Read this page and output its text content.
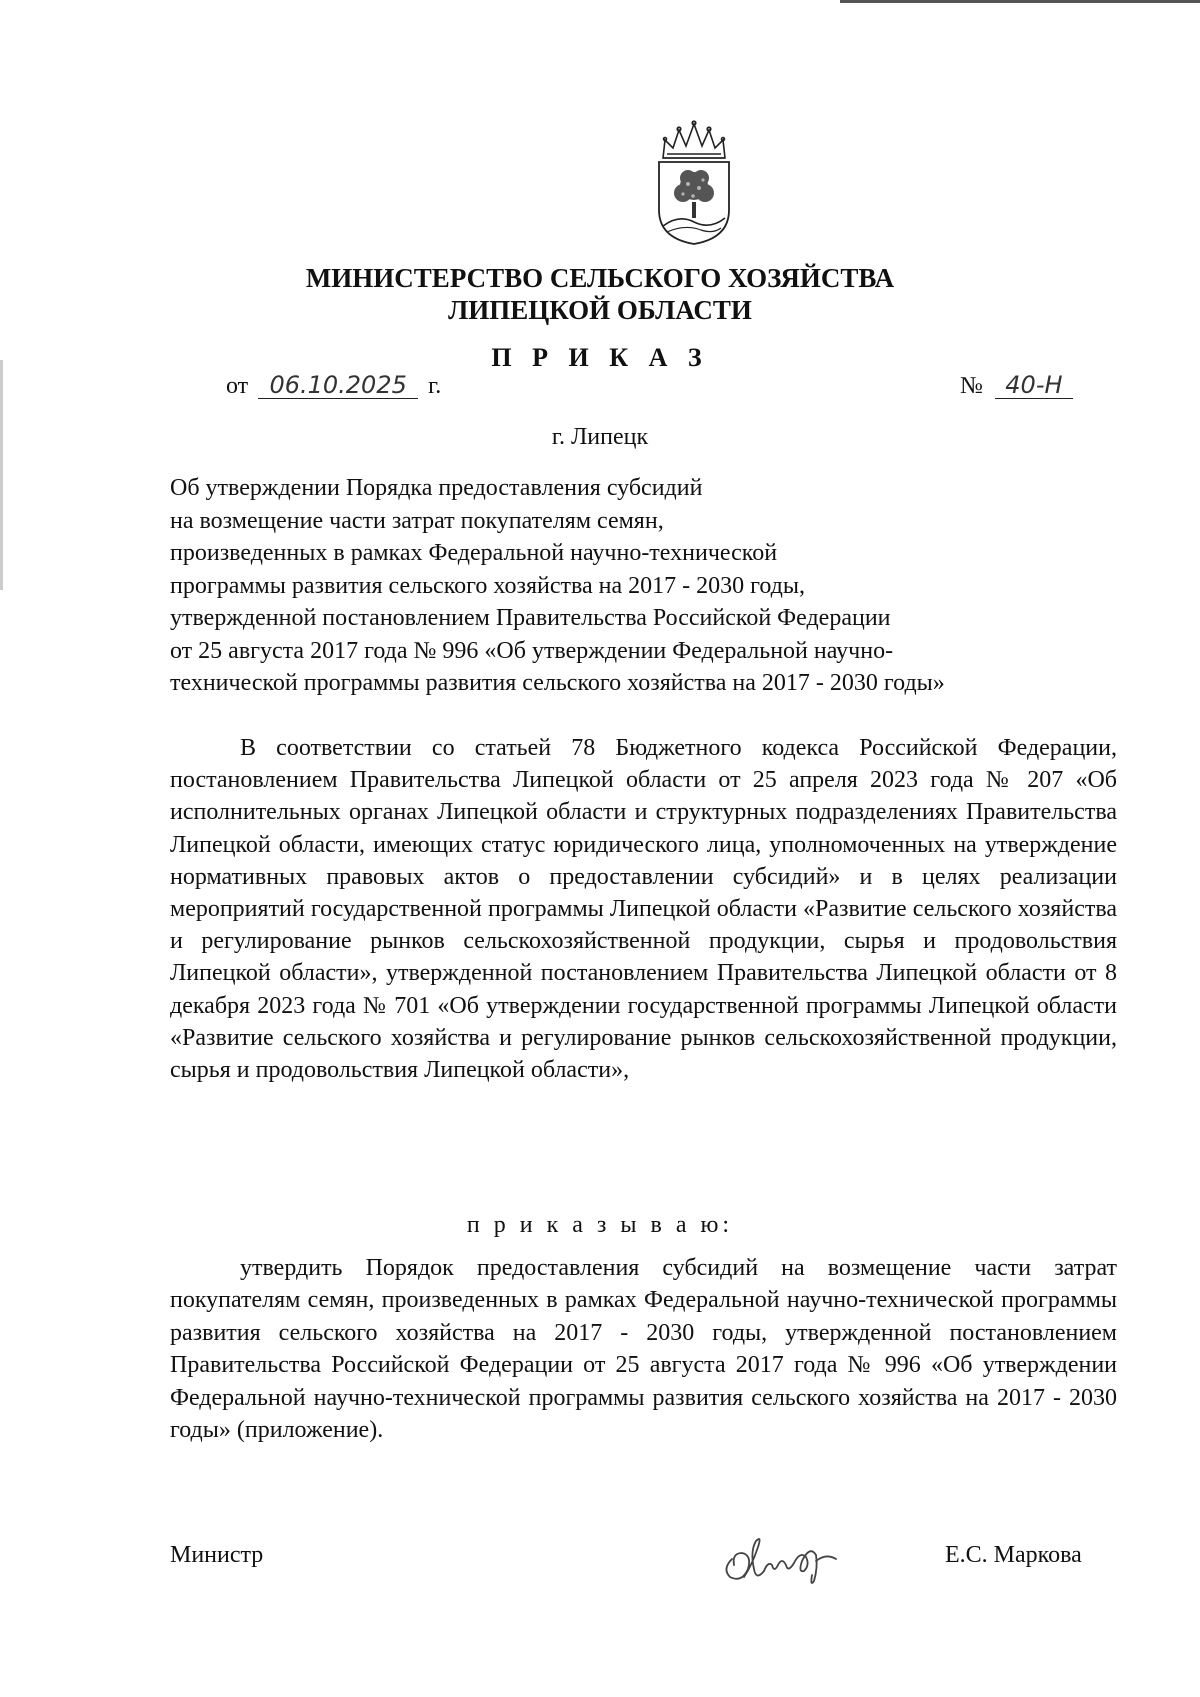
МИНИСТЕРСТВО СЕЛЬСКОГО ХОЗЯЙСТВА
ЛИПЕЦКОЙ ОБЛАСТИ
П Р И К А З
от 06.10.2025 г.	№ 40-Н
г. Липецк
Об утверждении Порядка предоставления субсидий
на возмещение части затрат покупателям семян,
произведенных в рамках Федеральной научно-технической
программы развития сельского хозяйства на 2017 - 2030 годы,
утвержденной постановлением Правительства Российской Федерации
от 25 августа 2017 года № 996 «Об утверждении Федеральной научно-
технической программы развития сельского хозяйства на 2017 - 2030 годы»
В соответствии со статьей 78 Бюджетного кодекса Российской Федерации, постановлением Правительства Липецкой области от 25 апреля 2023 года № 207 «Об исполнительных органах Липецкой области и структурных подразделениях Правительства Липецкой области, имеющих статус юридического лица, уполномоченных на утверждение нормативных правовых актов о предоставлении субсидий» и в целях реализации мероприятий государственной программы Липецкой области «Развитие сельского хозяйства и регулирование рынков сельскохозяйственной продукции, сырья и продовольствия Липецкой области», утвержденной постановлением Правительства Липецкой области от 8 декабря 2023 года № 701 «Об утверждении государственной программы Липецкой области «Развитие сельского хозяйства и регулирование рынков сельскохозяйственной продукции, сырья и продовольствия Липецкой области»,
п р и к а з ы в а ю:
утвердить Порядок предоставления субсидий на возмещение части затрат покупателям семян, произведенных в рамках Федеральной научно-технической программы развития сельского хозяйства на 2017 - 2030 годы, утвержденной постановлением Правительства Российской Федерации от 25 августа 2017 года № 996 «Об утверждении Федеральной научно-технической программы развития сельского хозяйства на 2017 - 2030 годы» (приложение).
Министр	Е.С. Маркова
